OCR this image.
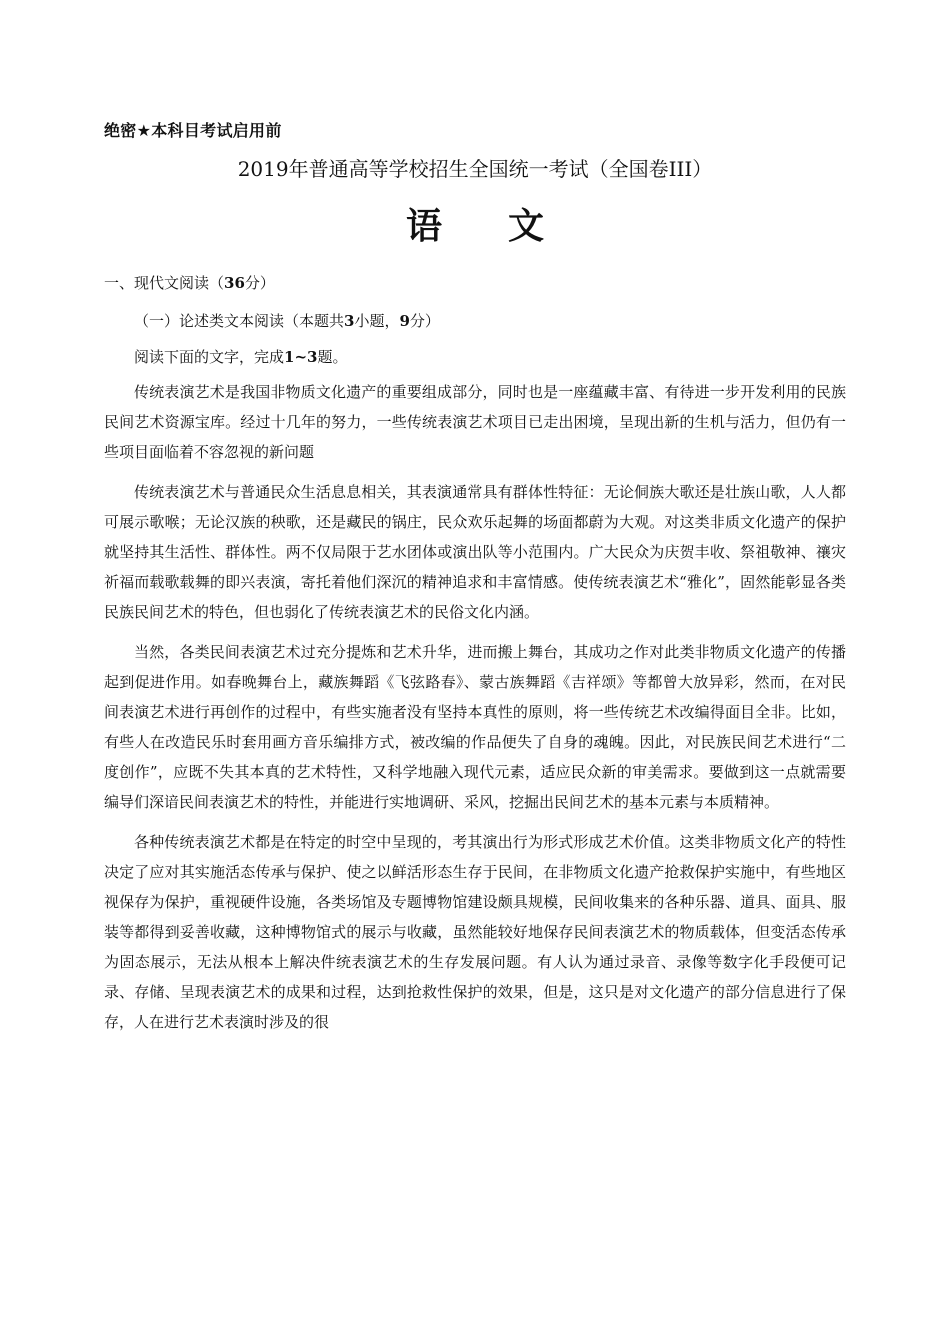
绝密★本科目考试启用前
2019年普通高等学校招生全国统一考试（全国卷III）
语文
一、现代文阅读（36分）
（一）论述类文本阅读（本题共3小题，9分）
阅读下面的文字，完成1~3题。

传统表演艺术是我国非物质文化遗产的重要组成部分，同时也是一座蕴藏丰富、有待进一步开发利用的民族民间艺术资源宝库。经过十几年的努力，一些传统表演艺术项目已走出困境，呈现出新的生机与活力，但仍有一些项目面临着不容忽视的新问题

传统表演艺术与普通民众生活息息相关，其表演通常具有群体性特征：无论侗族大歌还是壮族山歌，人人都可展示歌喉；无论汉族的秧歌，还是藏民的锅庄，民众欢乐起舞的场面都蔚为大观。对这类非质文化遗产的保护就坚持其生活性、群体性。两不仅局限于艺水团体或演出队等小范围内。广大民众为庆贺丰收、祭祖敬神、禳灾祈福而载歌载舞的即兴表演，寄托着他们深沉的精神追求和丰富情感。使传统表演艺术“雅化”，固然能彰显各类民族民间艺术的特色，但也弱化了传统表演艺术的民俗文化内涵。

当然，各类民间表演艺术过充分提炼和艺术升华，进而搬上舞台，其成功之作对此类非物质文化遗产的传播起到促进作用。如春晚舞台上，藏族舞蹈《飞弦路春》、蒙古族舞蹈《吉祥颂》等都曾大放异彩，然而，在对民间表演艺术进行再创作的过程中，有些实施者没有坚持本真性的原则，将一些传统艺术改编得面目全非。比如，有些人在改造民乐时套用画方音乐编排方式，被改编的作品便失了自身的魂魄。因此，对民族民间艺术进行“二度创作”，应既不失其本真的艺术特性，又科学地融入现代元素，适应民众新的审美需求。要做到这一点就需要编导们深谙民间表演艺术的特性，并能进行实地调研、采风，挖掘出民间艺术的基本元素与本质精神。

各种传统表演艺术都是在特定的时空中呈现的，考其演出行为形式形成艺术价值。这类非物质文化产的特性决定了应对其实施活态传承与保护、使之以鲜活形态生存于民间，在非物质文化遗产抢救保护实施中，有些地区视保存为保护，重视硬件设施，各类场馆及专题博物馆建设颇具规模，民间收集来的各种乐器、道具、面具、服装等都得到妥善收藏，这种博物馆式的展示与收藏，虽然能较好地保存民间表演艺术的物质载体，但变活态传承为固态展示，无法从根本上解决件统表演艺术的生存发展问题。有人认为通过录音、录像等数字化手段便可记录、存储、呈现表演艺术的成果和过程，达到抢救性保护的效果，但是，这只是对文化遗产的部分信息进行了保存，人在进行艺术表演时涉及的很
